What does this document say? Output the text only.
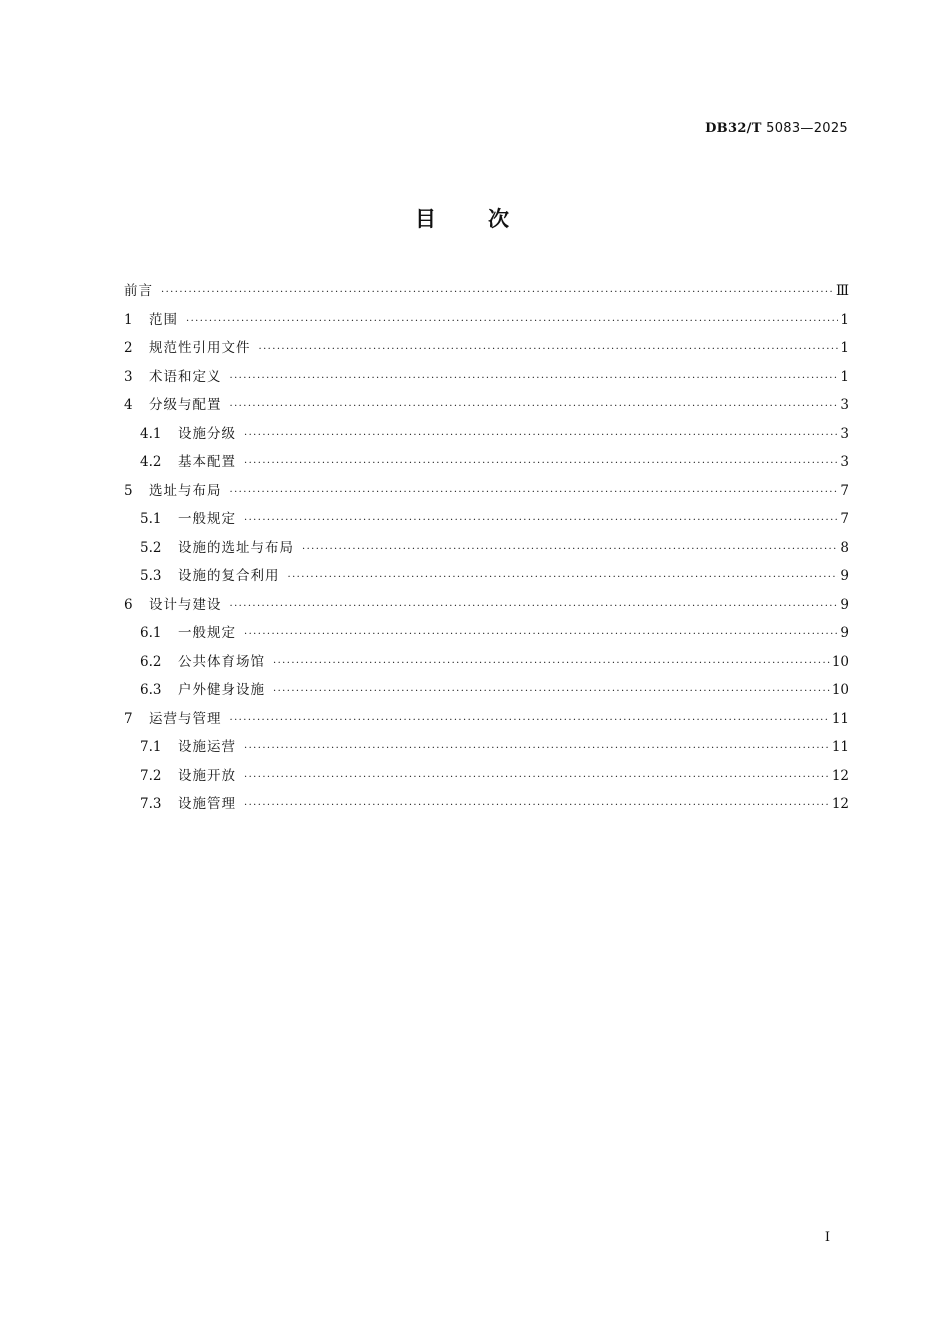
DB32/T 5083—2025
目次
前言 ·····	Ⅲ
1	范围 ·····	1
2	规范性引用文件 ·····	1
3	术语和定义 ·····	1
4	分级与配置 ·····	3
4.1	设施分级 ·····	3
4.2	基本配置 ·····	3
5	选址与布局 ·····	7
5.1	一般规定 ·····	7
5.2	设施的选址与布局 ·····	8
5.3	设施的复合利用 ·····	9
6	设计与建设 ·····	9
6.1	一般规定 ·····	9
6.2	公共体育场馆 ·····	10
6.3	户外健身设施 ·····	10
7	运营与管理 ·····	11
7.1	设施运营 ·····	11
7.2	设施开放 ·····	12
7.3	设施管理 ·····	12
I
